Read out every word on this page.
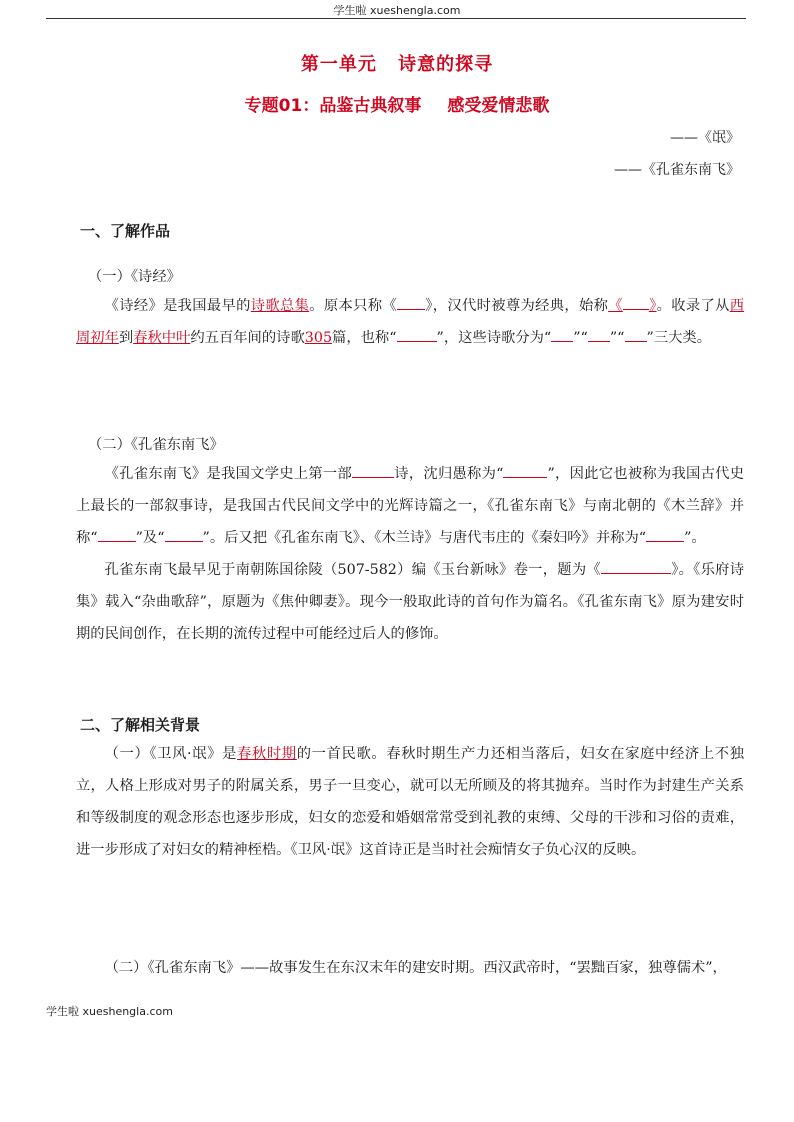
学生啦 xueshengla.com
第一单元 诗意的探寻
专题01：品鉴古典叙事 感受爱情悲歌
——《氓》
——《孔雀东南飞》
一、了解作品
（一）《诗经》

《诗经》是我国最早的诗歌总集。原本只称《 》，汉代时被尊为经典，始称《 》。收录了从西周初年到春秋中叶约五百年间的诗歌305篇，也称“	”，这些诗歌分为“ ”“ ”“ ”三大类。

（二）《孔雀东南飞》

《孔雀东南飞》是我国文学史上第一部	诗，沈归愚称为“	”，因此它也被称为我国古代史上最长的一部叙事诗，是我国古代民间文学中的光辉诗篇之一，《孔雀东南飞》与南北朝的《木兰辞》并称“	”及“	”。后又把《孔雀东南飞》、《木兰诗》与唐代韦庄的《秦妇吟》并称为“	”。

孔雀东南飞最早见于南朝陈国徐陵（507-582）编《玉台新咏》卷一，题为《	》。《乐府诗集》载入“杂曲歌辞”，原题为《焦仲卿妻》。现今一般取此诗的首句作为篇名。《孔雀东南飞》原为建安时期的民间创作，在长期的流传过程中可能经过后人的修饰。

二、了解相关背景

（一）《卫风·氓》是春秋时期的一首民歌。春秋时期生产力还相当落后，妇女在家庭中经济上不独立，人格上形成对男子的附属关系，男子一旦变心，就可以无所顾及的将其抛弃。当时作为封建生产关系和等级制度的观念形态也逐步形成，妇女的恋爱和婚姻常常受到礼教的束缚、父母的干涉和习俗的责难，进一步形成了对妇女的精神桎梏。《卫风·氓》这首诗正是当时社会痴情女子负心汉的反映。

（二）《孔雀东南飞》——故事发生在东汉末年的建安时期。西汉武帝时，“罢黜百家，独尊儒术”，

学生啦 xueshengla.com
